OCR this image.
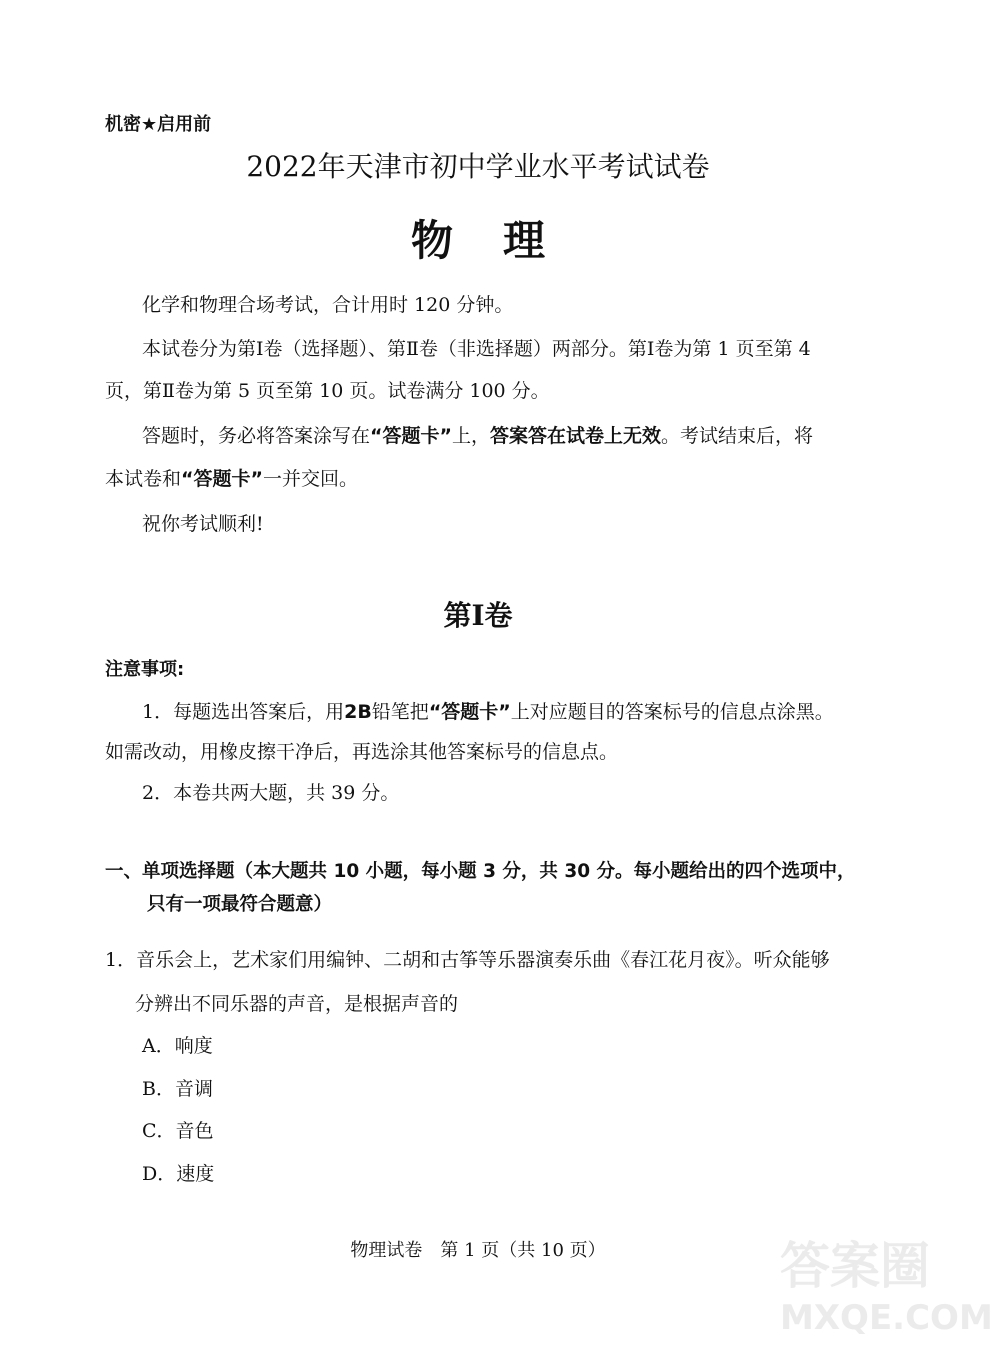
机密★启用前
2022年天津市初中学业水平考试试卷
物理
化学和物理合场考试，合计用时 120 分钟。
本试卷分为第Ⅰ卷（选择题）、第Ⅱ卷（非选择题）两部分。第Ⅰ卷为第 1 页至第 4
页，第Ⅱ卷为第 5 页至第 10 页。试卷满分 100 分。
答题时，务必将答案涂写在“答题卡”上，答案答在试卷上无效。考试结束后，将
本试卷和“答题卡”一并交回。
祝你考试顺利!
第Ⅰ卷
注意事项:
1．每题选出答案后，用2B铅笔把“答题卡”上对应题目的答案标号的信息点涂黑。
如需改动，用橡皮擦干净后，再选涂其他答案标号的信息点。
2．本卷共两大题，共 39 分。
一、单项选择题（本大题共 10 小题，每小题 3 分，共 30 分。每小题给出的四个选项中，
只有一项最符合题意）
1．音乐会上，艺术家们用编钟、二胡和古筝等乐器演奏乐曲《春江花月夜》。听众能够
分辨出不同乐器的声音，是根据声音的
A．响度
B．音调
C．音色
D．速度
物理试卷　第 1 页（共 10 页）	答案圈
MXQE.COM
